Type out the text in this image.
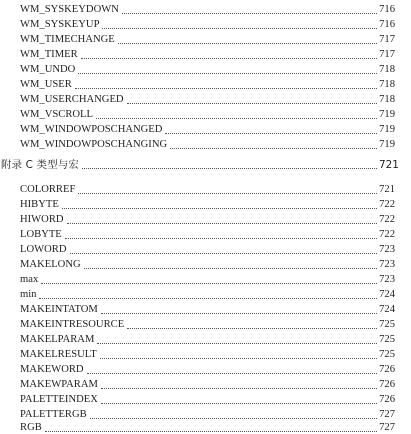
WM_SYSKEYDOWN	716
WM_SYSKEYUP	716
WM_TIMECHANGE	717
WM_TIMER	717
WM_UNDO	718
WM_USER	718
WM_USERCHANGED	718
WM_VSCROLL	719
WM_WINDOWPOSCHANGED	719
WM_WINDOWPOSCHANGING	719
附录 C 类型与宏	721
COLORREF	721
HIBYTE	722
HIWORD	722
LOBYTE	722
LOWORD	723
MAKELONG	723
max	723
min	724
MAKEINTATOM	724
MAKEINTRESOURCE	725
MAKELPARAM	725
MAKELRESULT	725
MAKEWORD	726
MAKEWPARAM	726
PALETTEINDEX	726
PALETTERGB	727
RGB	727
